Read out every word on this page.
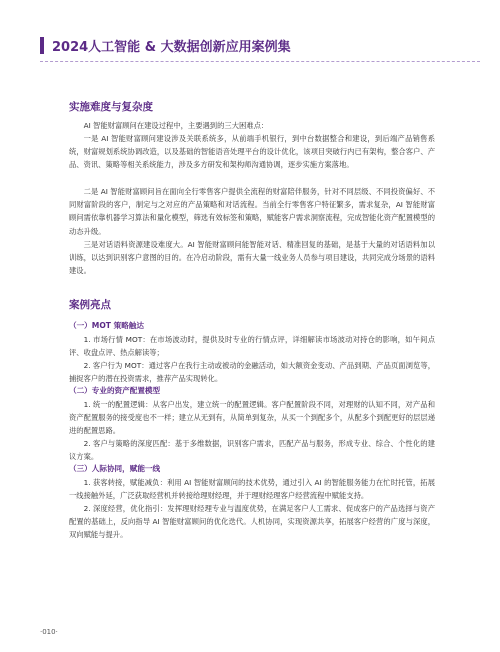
2024人工智能 & 大数据创新应用案例集
实施难度与复杂度

AI 智能财富顾问在建设过程中，主要遇到的三大困难点：

一是 AI 智能财富顾问建设涉及关联系统多，从前端手机银行，到中台数据整合和建设，到后端产品销售系统，财富规划系统协调改造，以及基础的智能语音处理平台的设计优化，该项目突破行内已有架构，整合客户、产品、资讯、策略等相关系统能力，涉及多方研发和架构师沟通协调，逐步实施方案落地。

二是 AI 智能财富顾问旨在面向全行零售客户提供全流程的财富陪伴服务，针对不同层级、不同投资偏好、不同财富阶段的客户，制定与之对应的产品策略和对话流程。当前全行零售客户特征繁多，需求复杂，AI 智能财富顾问需依靠机器学习算法和量化模型，筛选有效标签和策略，赋能客户需求洞察流程，完成智能化资产配置模型的动态升级。

三是对话语料资源建设难度大。AI 智能财富顾问能智能对话、精准回复的基础，是基于大量的对话语料加以训练，以达到识别客户意图的目的。在冷启动阶段，需有大量一线业务人员参与项目建设，共同完成分场景的语料建设。

案例亮点
（一）MOT 策略触达

1. 市场行情 MOT：在市场波动时，提供及时专业的行情点评，详细解读市场波动对持仓的影响，如午间点评、收盘点评、热点解读等；

2. 客户行为 MOT：通过客户在我行主动或被动的金融活动，如大额资金变动、产品到期、产品页面浏览等，捕捉客户的潜在投资需求，推荐产品实现转化。

（二）专业的资产配置模型

1. 统一的配置逻辑：从客户出发，建立统一的配置逻辑。客户配置阶段不同，对理财的认知不同，对产品和资产配置服务的接受度也不一样；建立从无到有，从简单到复杂，从买一个到配多个，从配多个到配更好的层层递进的配置思路。

2. 客户与策略的深度匹配：基于多维数据，识别客户需求，匹配产品与服务，形成专业、综合、个性化的建议方案。

（三）人际协同，赋能一线

1. 获客转接，赋能减负：利用 AI 智能财富顾问的技术优势，通过引入 AI 的智能服务能力在忙时托管，拓展一线接触外延，广泛获取经营机并转接给理财经理，并于理财经理客户经营流程中赋能支持。

2. 深度经营，优化指引：发挥理财经理专业与温度优势，在满足客户人工需求、促成客户的产品选择与资产配置的基础上，反向指导 AI 智能财富顾问的优化迭代。人机协同，实现资源共享，拓展客户经营的广度与深度，双向赋能与提升。

·010·
